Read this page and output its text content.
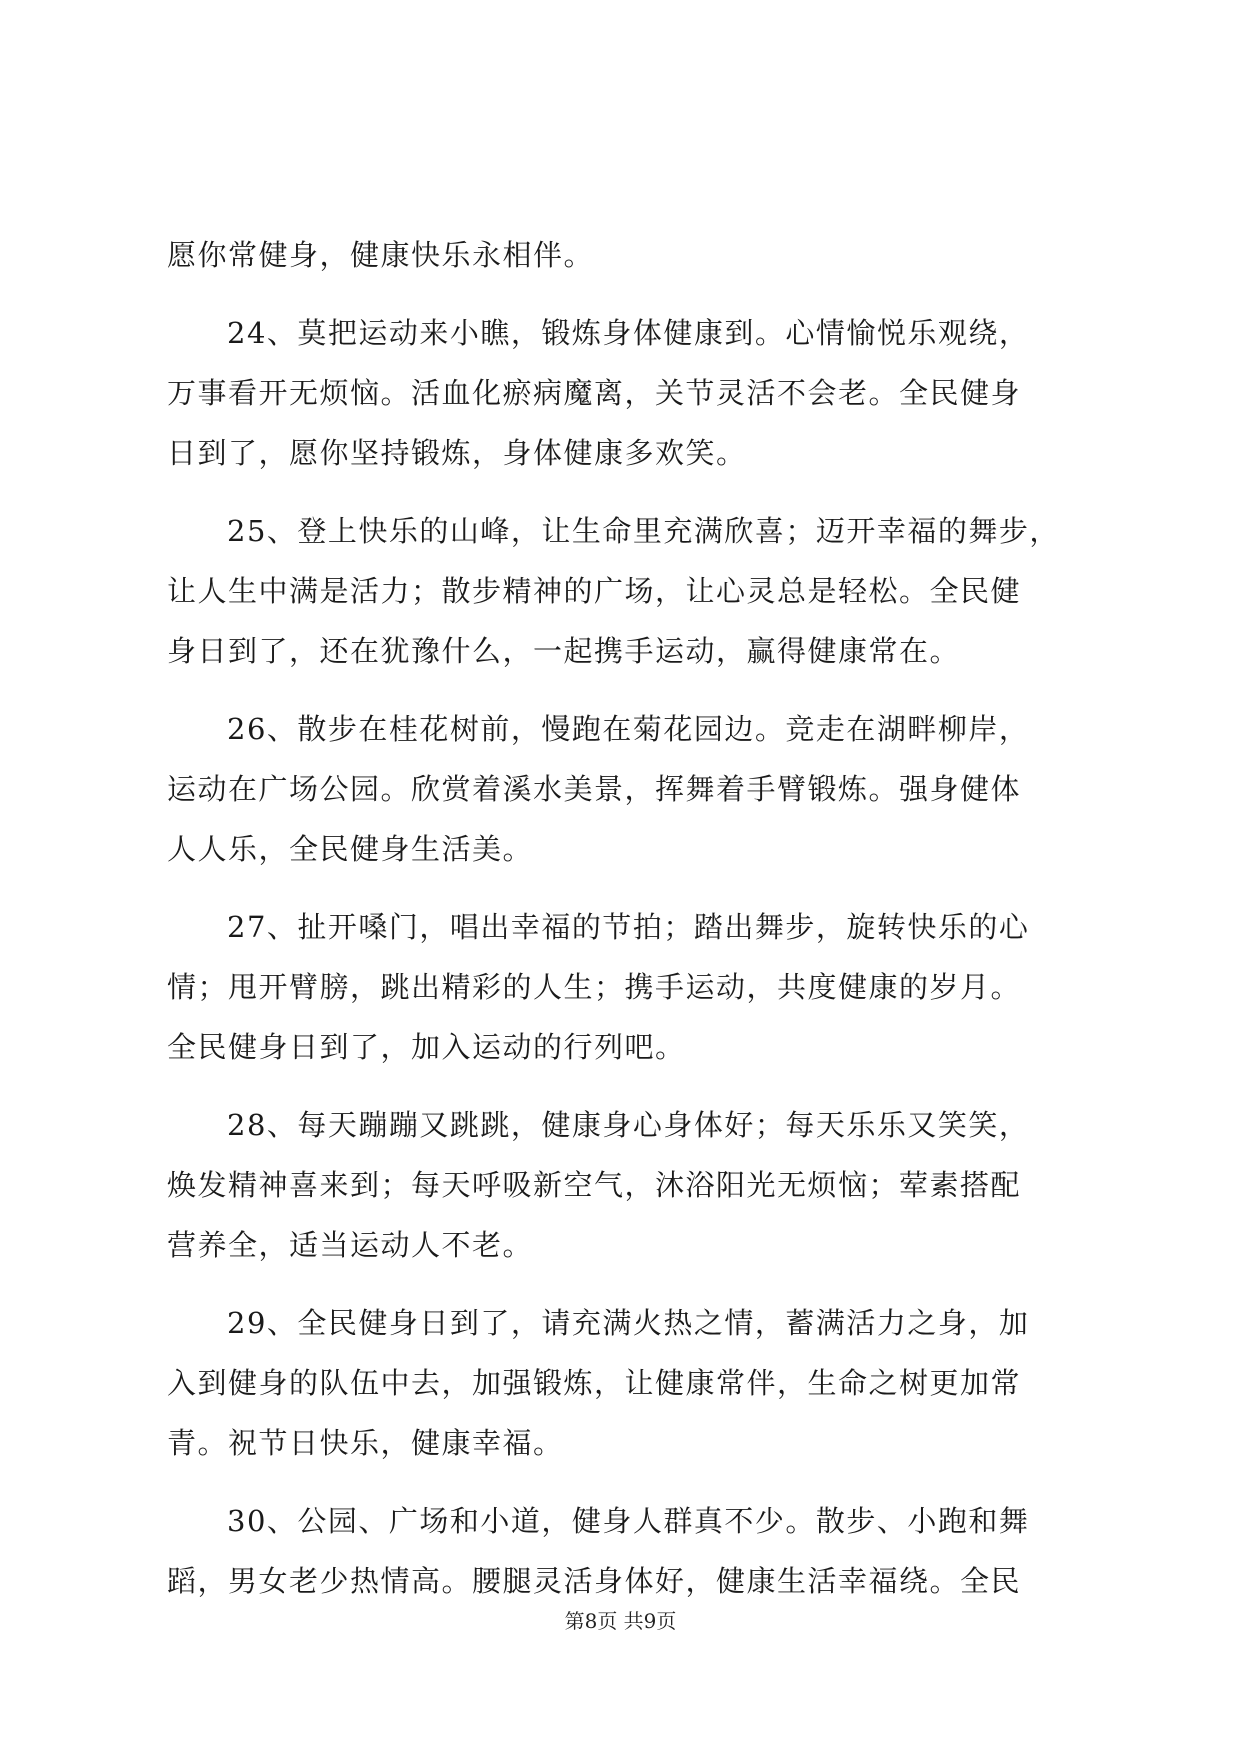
愿你常健身，健康快乐永相伴。
24、莫把运动来小瞧，锻炼身体健康到。心情愉悦乐观绕，
万事看开无烦恼。活血化瘀病魔离，关节灵活不会老。全民健身
日到了，愿你坚持锻炼，身体健康多欢笑。
25、登上快乐的山峰，让生命里充满欣喜；迈开幸福的舞步，
让人生中满是活力；散步精神的广场，让心灵总是轻松。全民健
身日到了，还在犹豫什么，一起携手运动，赢得健康常在。
26、散步在桂花树前，慢跑在菊花园边。竞走在湖畔柳岸，
运动在广场公园。欣赏着溪水美景，挥舞着手臂锻炼。强身健体
人人乐，全民健身生活美。
27、扯开嗓门，唱出幸福的节拍；踏出舞步，旋转快乐的心
情；甩开臂膀，跳出精彩的人生；携手运动，共度健康的岁月。
全民健身日到了，加入运动的行列吧。
28、每天蹦蹦又跳跳，健康身心身体好；每天乐乐又笑笑，
焕发精神喜来到；每天呼吸新空气，沐浴阳光无烦恼；荤素搭配
营养全，适当运动人不老。
29、全民健身日到了，请充满火热之情，蓄满活力之身，加
入到健身的队伍中去，加强锻炼，让健康常伴，生命之树更加常
青。祝节日快乐，健康幸福。
30、公园、广场和小道，健身人群真不少。散步、小跑和舞
蹈，男女老少热情高。腰腿灵活身体好，健康生活幸福绕。全民
第8页 共9页
